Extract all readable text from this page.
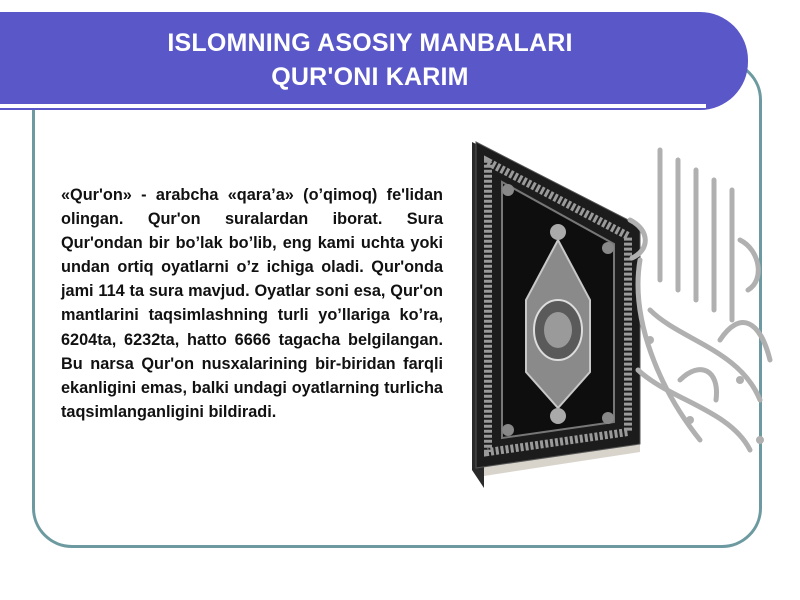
ISLOMNING ASOSIY MANBALARI
QUR'ONI KARIM
«Qur'on» - arabcha «qara’a» (o’qimoq) fe'lidan olingan. Qur'on suralardan iborat. Sura Qur'ondan bir bo’lak bo’lib, eng kami uchta yoki undan ortiq oyatlarni o’z ichiga oladi. Qur'onda jami 114 ta sura mavjud. Oyatlar soni esa, Qur'on mantlarini taqsimlashning turli yo’llariga ko’ra, 6204ta, 6232ta, hatto 6666 tagacha belgilangan. Bu narsa Qur'on nusxalarining bir-biridan farqli ekanligini emas, balki undagi oyatlarning turlicha taqsimlanganligini bildiradi.
